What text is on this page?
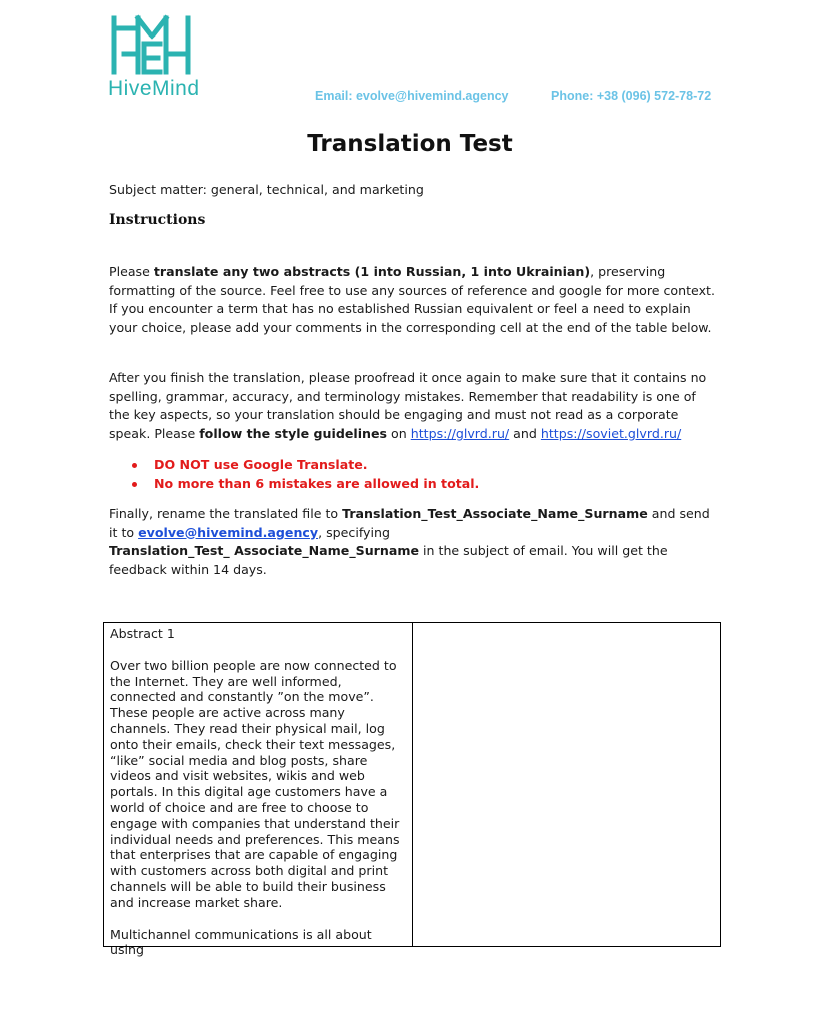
HiveMind	Email: evolve@hivemind.agency	Phone: +38 (096) 572-78-72
Translation Test

Subject matter: general, technical, and marketing

Instructions

Please translate any two abstracts (1 into Russian, 1 into Ukrainian), preserving formatting of the source. Feel free to use any sources of reference and google for more context. If you encounter a term that has no established Russian equivalent or feel a need to explain your choice, please add your comments in the corresponding cell at the end of the table below.

After you finish the translation, please proofread it once again to make sure that it contains no spelling, grammar, accuracy, and terminology mistakes. Remember that readability is one of the key aspects, so your translation should be engaging and must not read as a corporate speak. Please follow the style guidelines on https://glvrd.ru/ and https://soviet.glvrd.ru/

DO NOT use Google Translate.
No more than 6 mistakes are allowed in total.

Finally, rename the translated file to Translation_Test_Associate_Name_Surname and send it to evolve@hivemind.agency, specifying
Translation_Test_ Associate_Name_Surname in the subject of email. You will get the feedback within 14 days.

Abstract 1

Over two billion people are now connected to the Internet. They are well informed, connected and constantly ”on the move”. These people are active across many channels. They read their physical mail, log onto their emails, check their text messages, “like” social media and blog posts, share videos and visit websites, wikis and web portals. In this digital age customers have a world of choice and are free to choose to engage with companies that understand their individual needs and preferences. This means that enterprises that are capable of engaging with customers across both digital and print channels will be able to build their business and increase market share.

Multichannel communications is all about using
